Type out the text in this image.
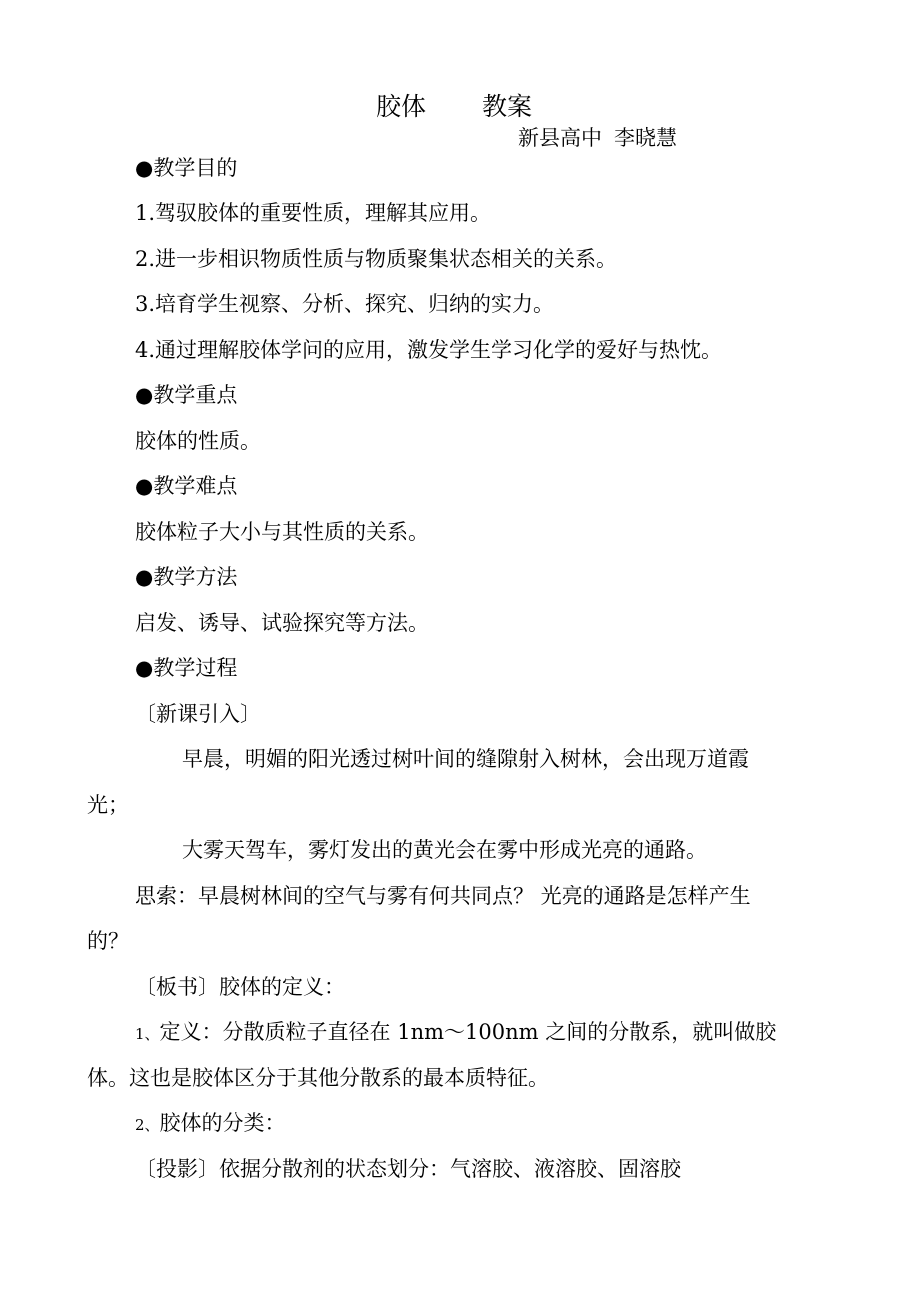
胶体 教案
新县高中 李晓慧

●教学目的

1.驾驭胶体的重要性质，理解其应用。

2.进一步相识物质性质与物质聚集状态相关的关系。

3.培育学生视察、分析、探究、归纳的实力。

4.通过理解胶体学问的应用，激发学生学习化学的爱好与热忱。

●教学重点

胶体的性质。

●教学难点

胶体粒子大小与其性质的关系。

●教学方法

启发、诱导、试验探究等方法。

●教学过程

〔新课引入〕

早晨，明媚的阳光透过树叶间的缝隙射入树林，会出现万道霞

光；

大雾天驾车，雾灯发出的黄光会在雾中形成光亮的通路。

思索：早晨树林间的空气与雾有何共同点？ 光亮的通路是怎样产生

的？

〔板书〕胶体的定义：

1、定义：分散质粒子直径在 1nm～100nm 之间的分散系，就叫做胶

体。这也是胶体区分于其他分散系的最本质特征。

2、胶体的分类：

〔投影〕依据分散剂的状态划分：气溶胶、液溶胶、固溶胶
